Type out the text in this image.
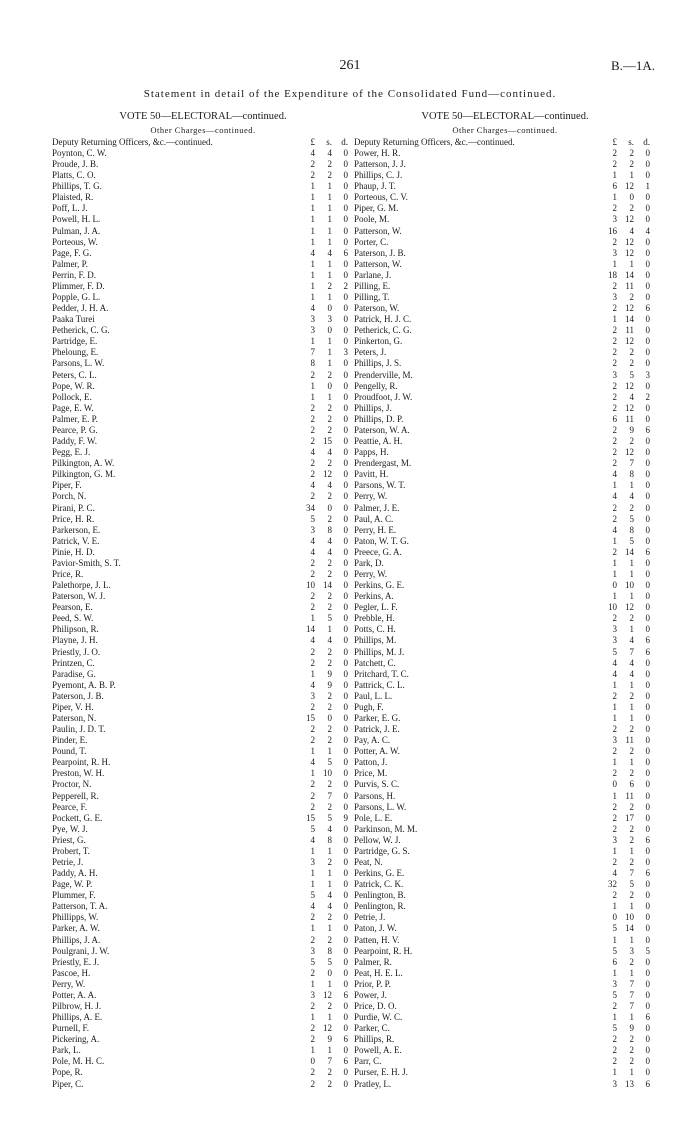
261	B.—1A.
Statement in detail of the Expenditure of the Consolidated Fund—continued.
VOTE 50—ELECTORAL—continued.
Other Charges—continued.
Deputy Returning Officers, &c.—continued.	£	s.	d.
Poynton, C. W.	4	4	0
Proude, J. B.	2	2	0
Platts, C. O.	2	2	0
Phillips, T. G.	1	1	0
Plaisted, R.	1	1	0
Poff, L. J.	1	1	0
Powell, H. L.	1	1	0
Pulman, J. A.	1	1	0
Porteous, W.	1	1	0
Page, F. G.	4	4	6
Palmer, P.	1	1	0
Perrin, F. D.	1	1	0
Plimmer, F. D.	1	2	2
Popple, G. L.	1	1	0
Pedder, J. H. A.	4	0	0
Paaka Turei	3	3	0
Petherick, C. G.	3	0	0
Partridge, E.	1	1	0
Pheloung, E.	7	1	3
Parsons, L. W.	8	1	0
Peters, C. L.	2	2	0
Pope, W. R.	1	0	0
Pollock, E.	1	1	0
Page, E. W.	2	2	0
Palmer, E. P.	2	2	0
Pearce, P. G.	2	2	0
Paddy, F. W.	2 15	0
Pegg, E. J.	4	4	0
Pilkington, A. W.	2	2	0
Pilkington, G. M.	2 12	0
Piper, F.	4	4	0
Porch, N.	2	2	0
Pirani, P. C.	34	0	0
Price, H. R.	5	2	0
Parkerson, E.	3	8	0
Patrick, V. E.	4	4	0
Pinie, H. D.	4	4	0
Pavior-Smith, S. T.	2	2	0
Price, R.	2	2	0
Palethorpe, J. L.	10 14	0
Paterson, W. J.	2	2	0
Pearson, E.	2	2	0
Peed, S. W.	1	5	0
Philipson, R.	14	1	0
Playne, J. H.	4	4	0
Priestly, J. O.	2	2	0
Printzen, C.	2	2	0
Paradise, G.	1	9	0
Pyemont, A. B. P.	4	9	0
Paterson, J. B.	3	2	0
Piper, V. H.	2	2	0
Paterson, N.	15	0	0
Paulin, J. D. T.	2	2	0
Pinder, E.	2	2	0
Pound, T.	1	1	0
Pearpoint, R. H.	4	5	0
Preston, W. H.	1 10	0
Proctor, N.	2	2	0
Pepperell, R.	2	7	0
Pearce, F.	2	2	0
Pockett, G. E.	15	5	9
Pye, W. J.	5	4	0
Priest, G.	4	8	0
Probert, T.	1	1	0
Petrie, J.	3	2	0
Paddy, A. H.	1	1	0
Page, W. P.	1	1	0
Plummer, F.	5	4	0
Patterson, T. A.	4	4	0
Phillipps, W.	2	2	0
Parker, A. W.	1	1	0
Phillips, J. A.	2	2	0
Poulgrani, J. W.	3	8	0
Priestly, E. J.	5	5	0
Pascoe, H.	2	0	0
Perry, W.	1	1	0
Potter, A. A.	3 12	6
Pilbrow, H. J.	2	2	0
Phillips, A. E.	1	1	0
Purnell, F.	2 12	0
Pickering, A.	2	9	6
Park, L.	1	1	0
Pole, M. H. C.	0	7	6
Pope, R.	2	2	0
Piper, C.	2	2	0
VOTE 50—ELECTORAL—continued.
Other Charges—continued.
Deputy Returning Officers, &c.—continued.	£	s.	d.
Power, H. R.	2	2	0
Patterson, J. J.	2	2	0
Phillips, C. J.	1	1	0
Phaup, J. T.	6 12	1
Porteous, C. V.	1	0	0
Piper, G. M.	2	2	0
Poole, M.	3 12	0
Patterson, W.	16	4	4
Porter, C.	2 12	0
Paterson, J. B.	3 12	0
Patterson, W.	1	1	0
Parlane, J.	18 14	0
Pilling, E.	2 11	0
Pilling, T.	3	2	0
Paterson, W.	2 12	6
Patrick, H. J. C.	1 14	0
Petherick, C. G.	2 11	0
Pinkerton, G.	2 12	0
Peters, J.	2	2	0
Phillips, J. S.	2	2	0
Prenderville, M.	3	5	3
Pengelly, R.	2 12	0
Proudfoot, J. W.	2	4	2
Phillips, J.	2 12	0
Phillips, D. P.	6 11	0
Paterson, W. A.	2	9	6
Peattie, A. H.	2	2	0
Papps, H.	2 12	0
Prendergast, M.	2	7	0
Pavitt, H.	4	8	0
Parsons, W. T.	1	1	0
Perry, W.	4	4	0
Palmer, J. E.	2	2	0
Paul, A. C.	2	5	0
Perry, H. E.	4	8	0
Paton, W. T. G.	1	5	0
Preece, G. A.	2 14	6
Park, D.	1	1	0
Perry, W.	1	1	0
Perkins, G. E.	0 10	0
Perkins, A.	1	1	0
Pegler, L. F.	10 12	0
Prebble, H.	2	2	0
Potts, C. H.	3	1	0
Phillips, M.	3	4	6
Phillips, M. J.	5	7	6
Patchett, C.	4	4	0
Pritchard, T. C.	4	4	0
Pattrick, C. L.	1	1	0
Paul, L. L.	2	2	0
Pugh, F.	1	1	0
Parker, E. G.	1	1	0
Patrick, J. E.	2	2	0
Pay, A. C.	3 11	0
Potter, A. W.	2	2	0
Patton, J.	1	1	0
Price, M.	2	2	0
Purvis, S. C.	0	6	0
Parsons, H.	1 11	0
Parsons, L. W.	2	2	0
Pole, L. E.	2 17	0
Parkinson, M. M.	2	2	0
Pellow, W. J.	3	2	6
Partridge, G. S.	1	1	0
Peat, N.	2	2	0
Perkins, G. E.	4	7	6
Patrick, C. K.	32	5	0
Penlington, B.	2	2	0
Penlington, R.	1	1	0
Petrie, J.	0 10	0
Paton, J. W.	5 14	0
Patten, H. V.	1	1	0
Pearpoint, R. H.	5	3	5
Palmer, R.	6	2	0
Peat, H. E. L.	1	1	0
Prior, P. P.	3	7	0
Power, J.	5	7	0
Price, D. O.	2	7	0
Purdie, W. C.	1	1	6
Parker, C.	5	9	0
Phillips, R.	2	2	0
Powell, A. E.	2	2	0
Parr, C.	2	2	0
Purser, E. H. J.	1	1	0
Pratley, L.	3 13	6
